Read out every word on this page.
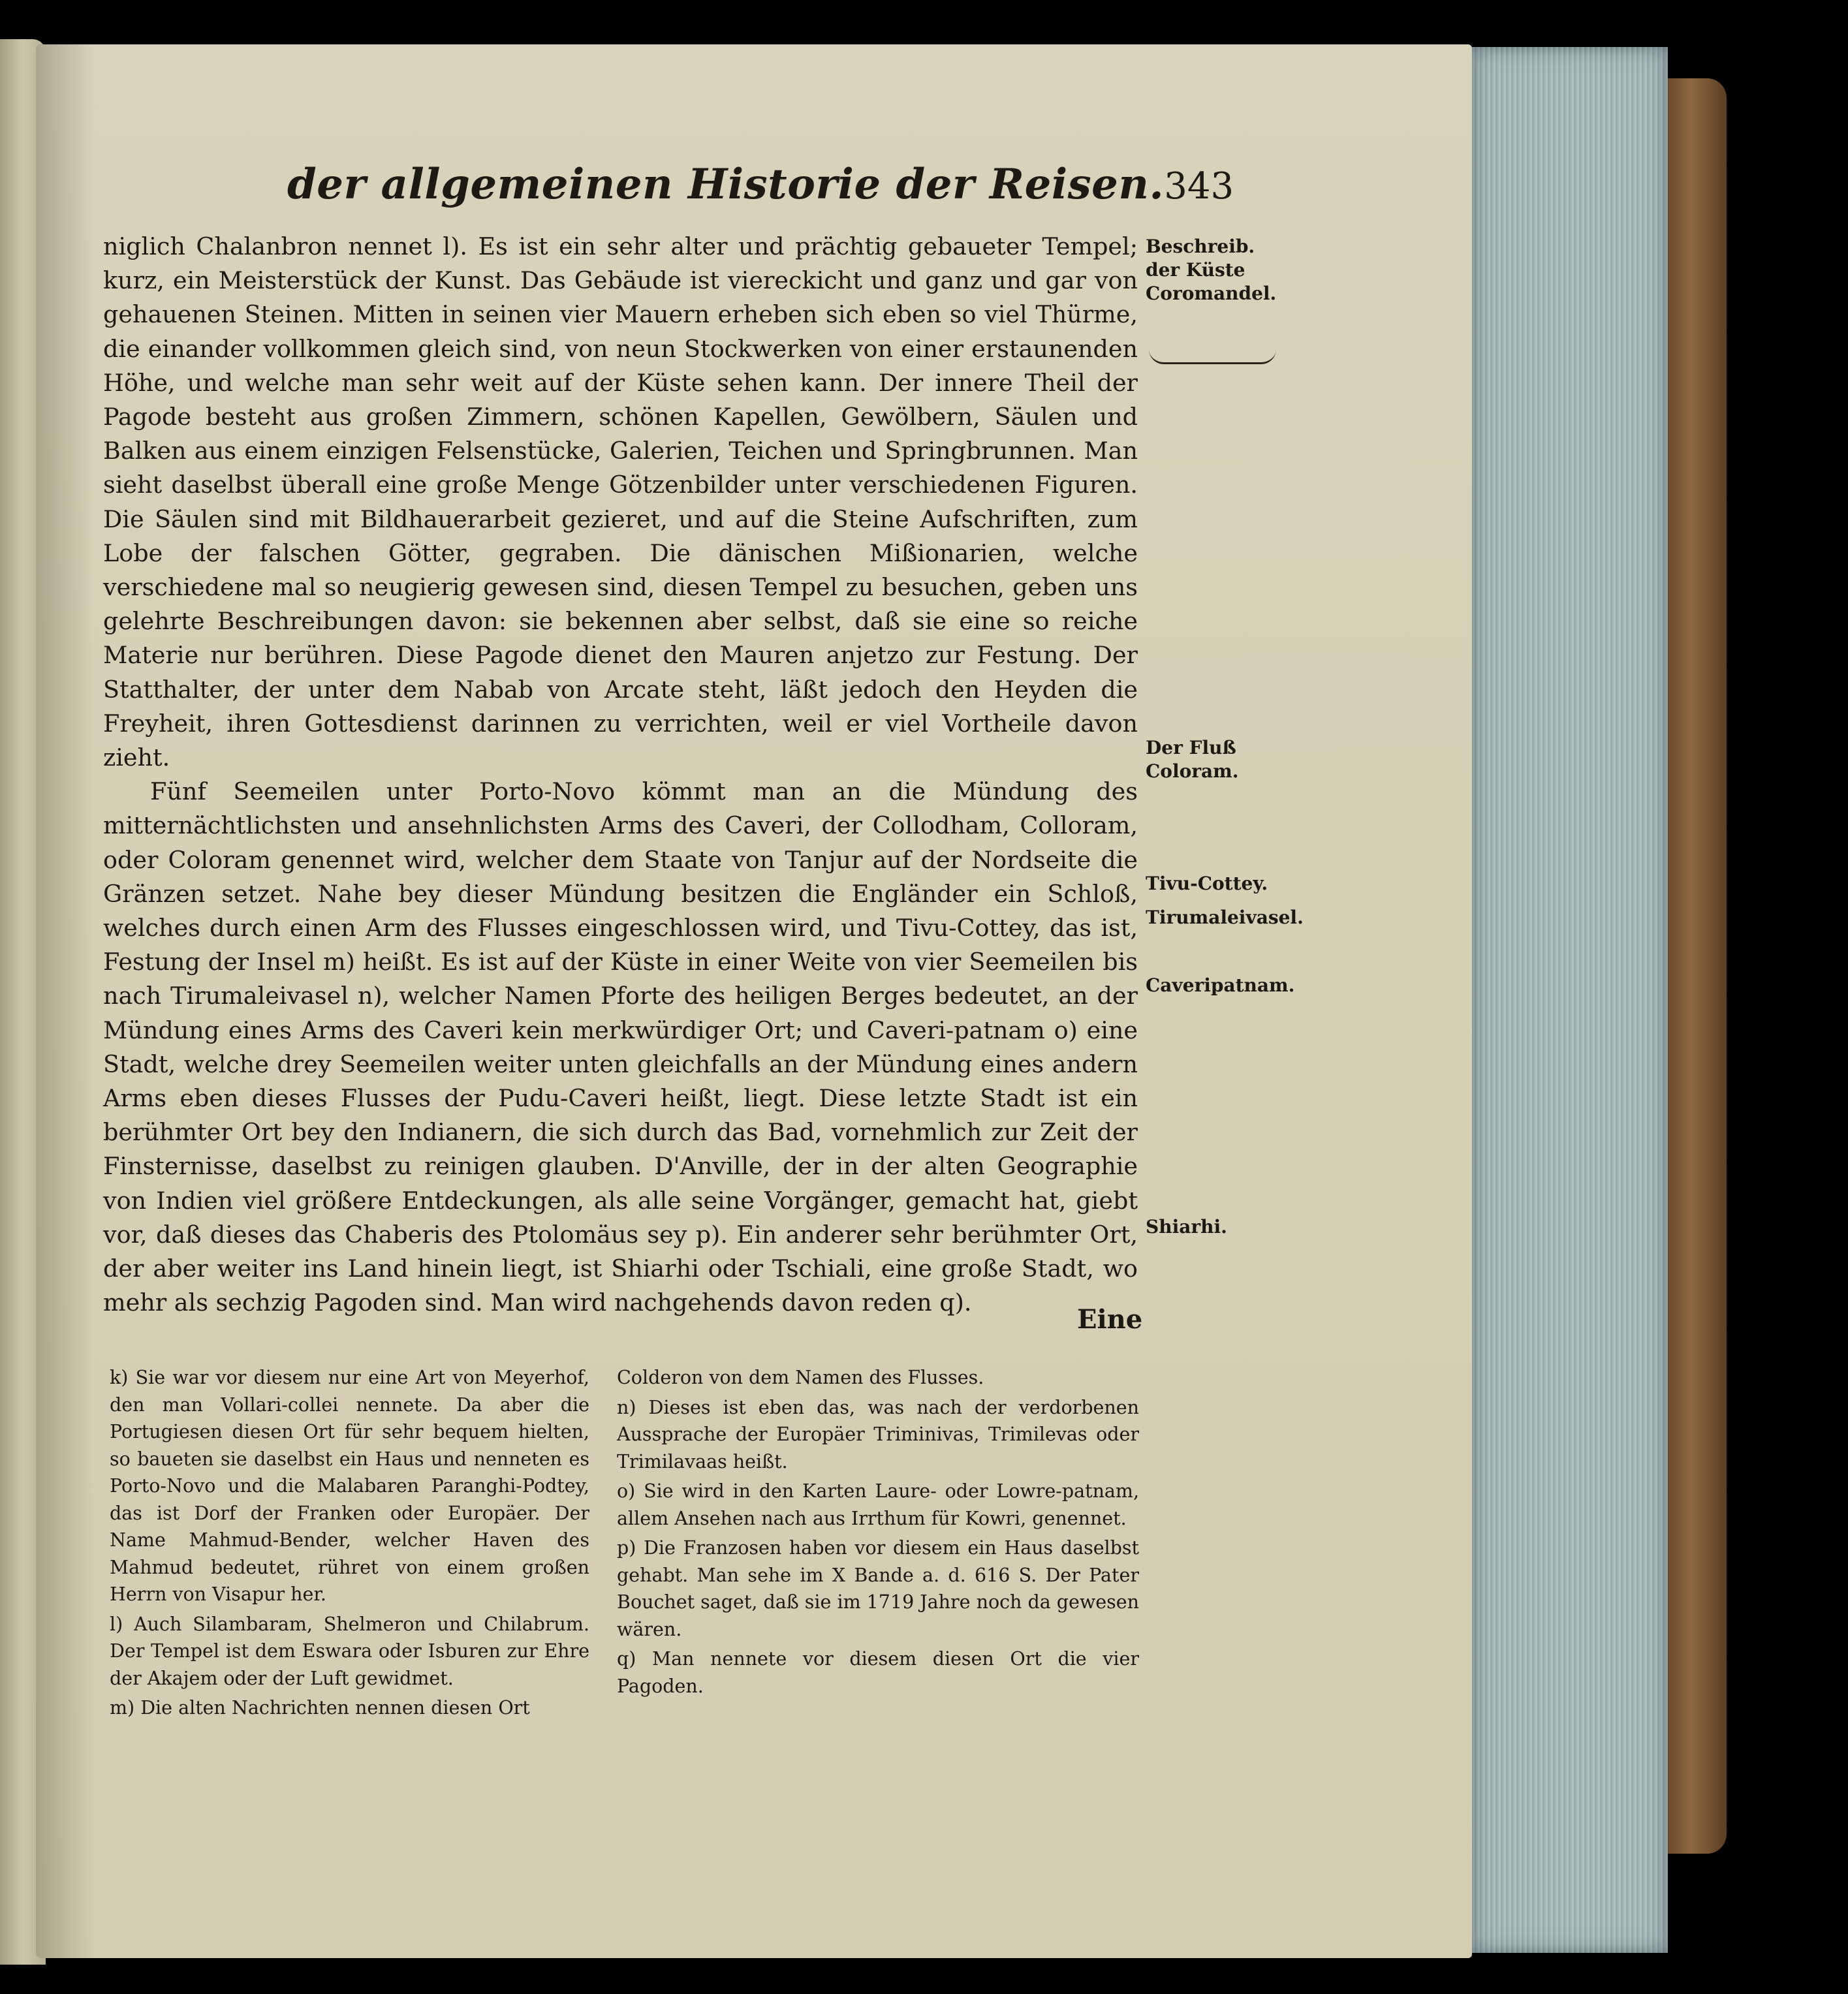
der allgemeinen Historie der Reisen. 343

niglich Chalanbron nennet l). Es ist ein sehr alter und prächtig gebaueter Tempel; kurz, ein Meisterstück der Kunst. Das Gebäude ist viereckicht und ganz und gar von gehauenen Steinen. Mitten in seinen vier Mauern erheben sich eben so viel Thürme, die einander vollkommen gleich sind, von neun Stockwerken von einer erstaunenden Höhe, und welche man sehr weit auf der Küste sehen kann. Der innere Theil der Pagode besteht aus großen Zimmern, schönen Kapellen, Gewölbern, Säulen und Balken aus einem einzigen Felsenstücke, Galerien, Teichen und Springbrunnen. Man sieht daselbst überall eine große Menge Götzenbilder unter verschiedenen Figuren. Die Säulen sind mit Bildhauerarbeit gezieret, und auf die Steine Aufschriften, zum Lobe der falschen Götter, gegraben. Die dänischen Mißionarien, welche verschiedene mal so neugierig gewesen sind, diesen Tempel zu besuchen, geben uns gelehrte Beschreibungen davon: sie bekennen aber selbst, daß sie eine so reiche Materie nur berühren. Diese Pagode dienet den Mauren anjetzo zur Festung. Der Statthalter, der unter dem Nabab von Arcate steht, läßt jedoch den Heyden die Freyheit, ihren Gottesdienst darinnen zu verrichten, weil er viel Vortheile davon zieht.

Fünf Seemeilen unter Porto-Novo kömmt man an die Mündung des mitternächtlichsten und ansehnlichsten Arms des Caveri, der Collodham, Colloram, oder Coloram genennet wird, welcher dem Staate von Tanjur auf der Nordseite die Gränzen setzet. Nahe bey dieser Mündung besitzen die Engländer ein Schloß, welches durch einen Arm des Flusses eingeschlossen wird, und Tivu-Cottey, das ist, Festung der Insel m) heißt. Es ist auf der Küste in einer Weite von vier Seemeilen bis nach Tirumaleivasel n), welcher Namen Pforte des heiligen Berges bedeutet, an der Mündung eines Arms des Caveri kein merkwürdiger Ort; und Caveri-patnam o) eine Stadt, welche drey Seemeilen weiter unten gleichfalls an der Mündung eines andern Arms eben dieses Flusses der Pudu-Caveri heißt, liegt. Diese letzte Stadt ist ein berühmter Ort bey den Indianern, die sich durch das Bad, vornehmlich zur Zeit der Finsternisse, daselbst zu reinigen glauben. D'Anville, der in der alten Geographie von Indien viel größere Entdeckungen, als alle seine Vorgänger, gemacht hat, giebt vor, daß dieses das Chaberis des Ptolomäus sey p). Ein anderer sehr berühmter Ort, der aber weiter ins Land hinein liegt, ist Shiarhi oder Tschiali, eine große Stadt, wo mehr als sechzig Pagoden sind. Man wird nachgehends davon reden q).

Beschreib. der Küste Coromandel.
Der Fluß Coloram.
Tivu-Cottey.
Tirumaleivasel.
Caveripatnam.
Shiarhi.
Eine

k) Sie war vor diesem nur eine Art von Meyerhof, den man Vollari-collei nennete. Da aber die Portugiesen diesen Ort für sehr bequem hielten, so baueten sie daselbst ein Haus und nenneten es Porto-Novo und die Malabaren Paranghi-Podtey, das ist Dorf der Franken oder Europäer. Der Name Mahmud-Bender, welcher Haven des Mahmud bedeutet, rühret von einem großen Herrn von Visapur her.

l) Auch Silambaram, Shelmeron und Chilabrum. Der Tempel ist dem Eswara oder Isburen zur Ehre der Akajem oder der Luft gewidmet.

m) Die alten Nachrichten nennen diesen Ort

Colderon von dem Namen des Flusses.

n) Dieses ist eben das, was nach der verdorbenen Aussprache der Europäer Triminivas, Trimilevas oder Trimilavaas heißt.

o) Sie wird in den Karten Laure- oder Lowre-patnam, allem Ansehen nach aus Irrthum für Kowri, genennet.

p) Die Franzosen haben vor diesem ein Haus daselbst gehabt. Man sehe im X Bande a. d. 616 S. Der Pater Bouchet saget, daß sie im 1719 Jahre noch da gewesen wären.

q) Man nennete vor diesem diesen Ort die vier Pagoden.
